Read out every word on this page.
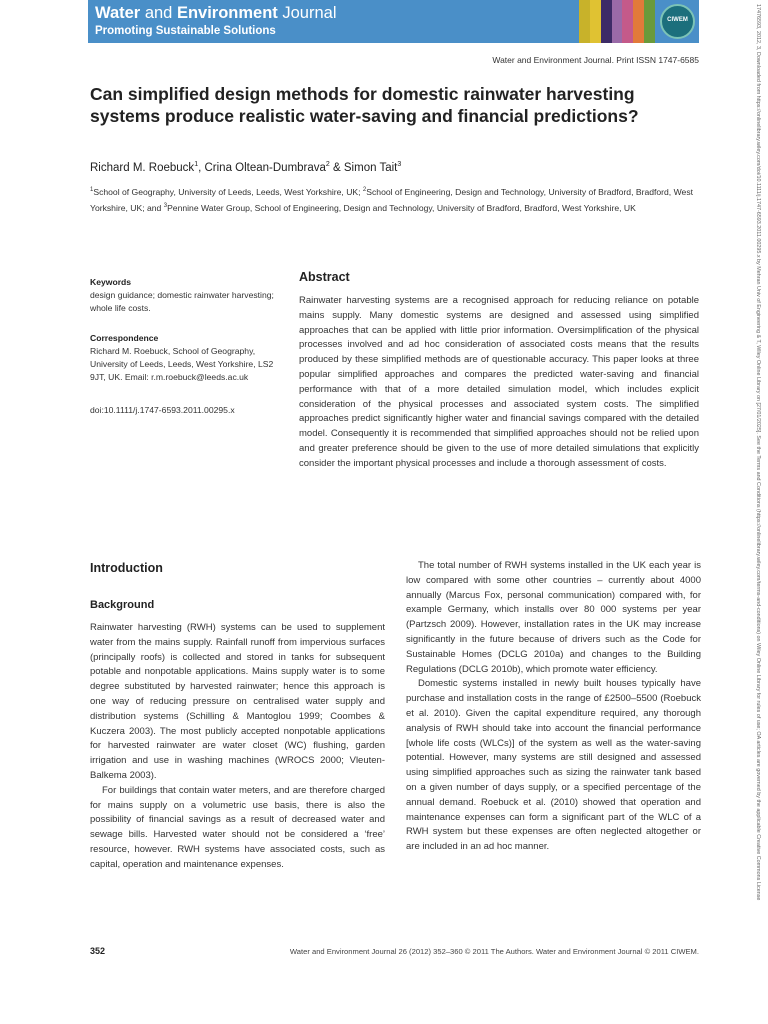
Water and Environment Journal
Promoting Sustainable Solutions
CIWEM
Water and Environment Journal. Print ISSN 1747-6585
Can simplified design methods for domestic rainwater harvesting systems produce realistic water-saving and financial predictions?
Richard M. Roebuck$^1$, Crina Oltean-Dumbrava$^2$ & Simon Tait$^3$
$^1$School of Geography, University of Leeds, Leeds, West Yorkshire, UK; $^2$School of Engineering, Design and Technology, University of Bradford, Bradford, West Yorkshire, UK; and $^3$Pennine Water Group, School of Engineering, Design and Technology, University of Bradford, Bradford, West Yorkshire, UK
Keywords
design guidance; domestic rainwater harvesting; whole life costs.
Correspondence
Richard M. Roebuck, School of Geography, University of Leeds, Leeds, West Yorkshire, LS2 9JT, UK. Email: r.m.roebuck@leeds.ac.uk
doi:10.1111/j.1747-6593.2011.00295.x
Abstract

Rainwater harvesting systems are a recognised approach for reducing reliance on potable mains supply. Many domestic systems are designed and assessed using simplified approaches that can be applied with little prior information. Oversimplification of the physical processes involved and ad hoc consideration of associated costs means that the results produced by these simplified methods are of questionable accuracy. This paper looks at three popular simplified approaches and compares the predicted water-saving and financial performance with that of a more detailed simulation model, which includes explicit consideration of the physical processes and associated system costs. The simplified approaches predict significantly higher water and financial savings compared with the detailed model. Consequently it is recommended that simplified approaches should not be relied upon and greater preference should be given to the use of more detailed simulations that explicitly consider the important physical processes and include a thorough assessment of costs.

Introduction
Background

Rainwater harvesting (RWH) systems can be used to supplement water from the mains supply. Rainfall runoff from impervious surfaces (principally roofs) is collected and stored in tanks for subsequent potable and nonpotable applications. Mains supply water is to some degree substituted by harvested rainwater; hence this approach is one way of reducing pressure on centralised water supply and distribution systems (Schilling & Mantoglou 1999; Coombes & Kuczera 2003). The most publicly accepted nonpotable applications for harvested rainwater are water closet (WC) flushing, garden irrigation and use in washing machines (WROCS 2000; Vleuten-Balkema 2003).

For buildings that contain water meters, and are therefore charged for mains supply on a volumetric use basis, there is also the possibility of financial savings as a result of decreased water and sewage bills. Harvested water should not be considered a ‘free’ resource, however. RWH systems have associated costs, such as capital, operation and maintenance expenses.

The total number of RWH systems installed in the UK each year is low compared with some other countries – currently about 4000 annually (Marcus Fox, personal communication) compared with, for example Germany, which installs over 80 000 systems per year (Partzsch 2009). However, installation rates in the UK may increase significantly in the future because of drivers such as the Code for Sustainable Homes (DCLG 2010a) and changes to the Building Regulations (DCLG 2010b), which promote water efficiency.

Domestic systems installed in newly built houses typically have purchase and installation costs in the range of £2500–5500 (Roebuck et al. 2010). Given the capital expenditure required, any thorough analysis of RWH should take into account the financial performance [whole life costs (WLCs)] of the system as well as the water-saving potential. However, many systems are still designed and assessed using simplified approaches such as sizing the rainwater tank based on a given number of days supply, or a specified percentage of the annual demand. Roebuck et al. (2010) showed that operation and maintenance expenses can form a significant part of the WLC of a RWH system but these expenses are often neglected altogether or are included in an ad hoc manner.

352	Water and Environment Journal 26 (2012) 352–360 © 2011 The Authors. Water and Environment Journal © 2011 CIWEM.
17476593, 2012, 3, Downloaded from https://onlinelibrary.wiley.com/doi/10.1111/j.1747-6593.2011.00295.x by Mehran Univ of Engineering & T, Wiley Online Library on [27/01/2025]. See the Terms and Conditions (https://onlinelibrary.wiley.com/terms-and-conditions) on Wiley Online Library for rules of use; OA articles are governed by the applicable Creative Commons License
